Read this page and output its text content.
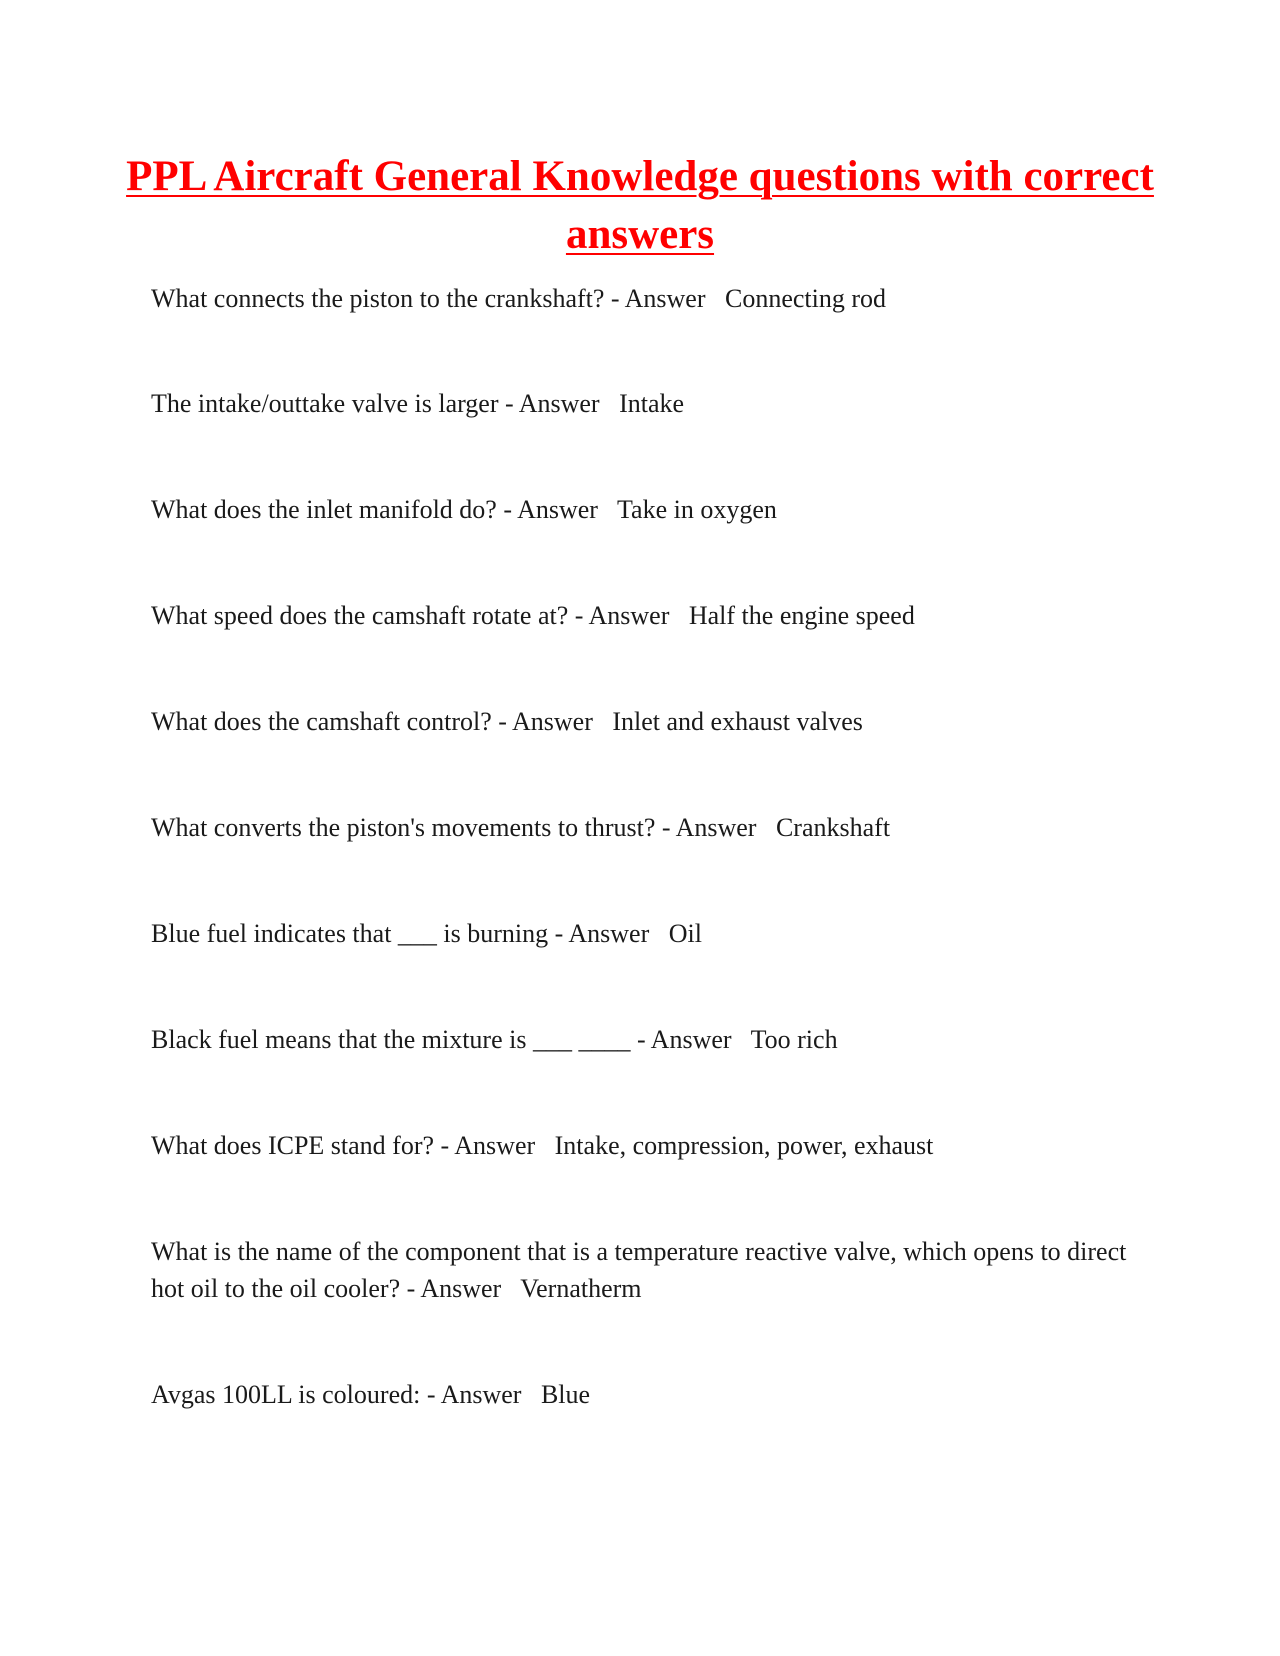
PPL Aircraft General Knowledge questions with correct answers

What connects the piston to the crankshaft? - Answer Connecting rod

The intake/outtake valve is larger - Answer Intake

What does the inlet manifold do? - Answer Take in oxygen

What speed does the camshaft rotate at? - Answer Half the engine speed

What does the camshaft control? - Answer Inlet and exhaust valves

What converts the piston's movements to thrust? - Answer Crankshaft

Blue fuel indicates that ___ is burning - Answer Oil

Black fuel means that the mixture is ___ ____ - Answer Too rich

What does ICPE stand for? - Answer Intake, compression, power, exhaust

What is the name of the component that is a temperature reactive valve, which opens to direct hot oil to the oil cooler? - Answer Vernatherm

Avgas 100LL is coloured: - Answer Blue
